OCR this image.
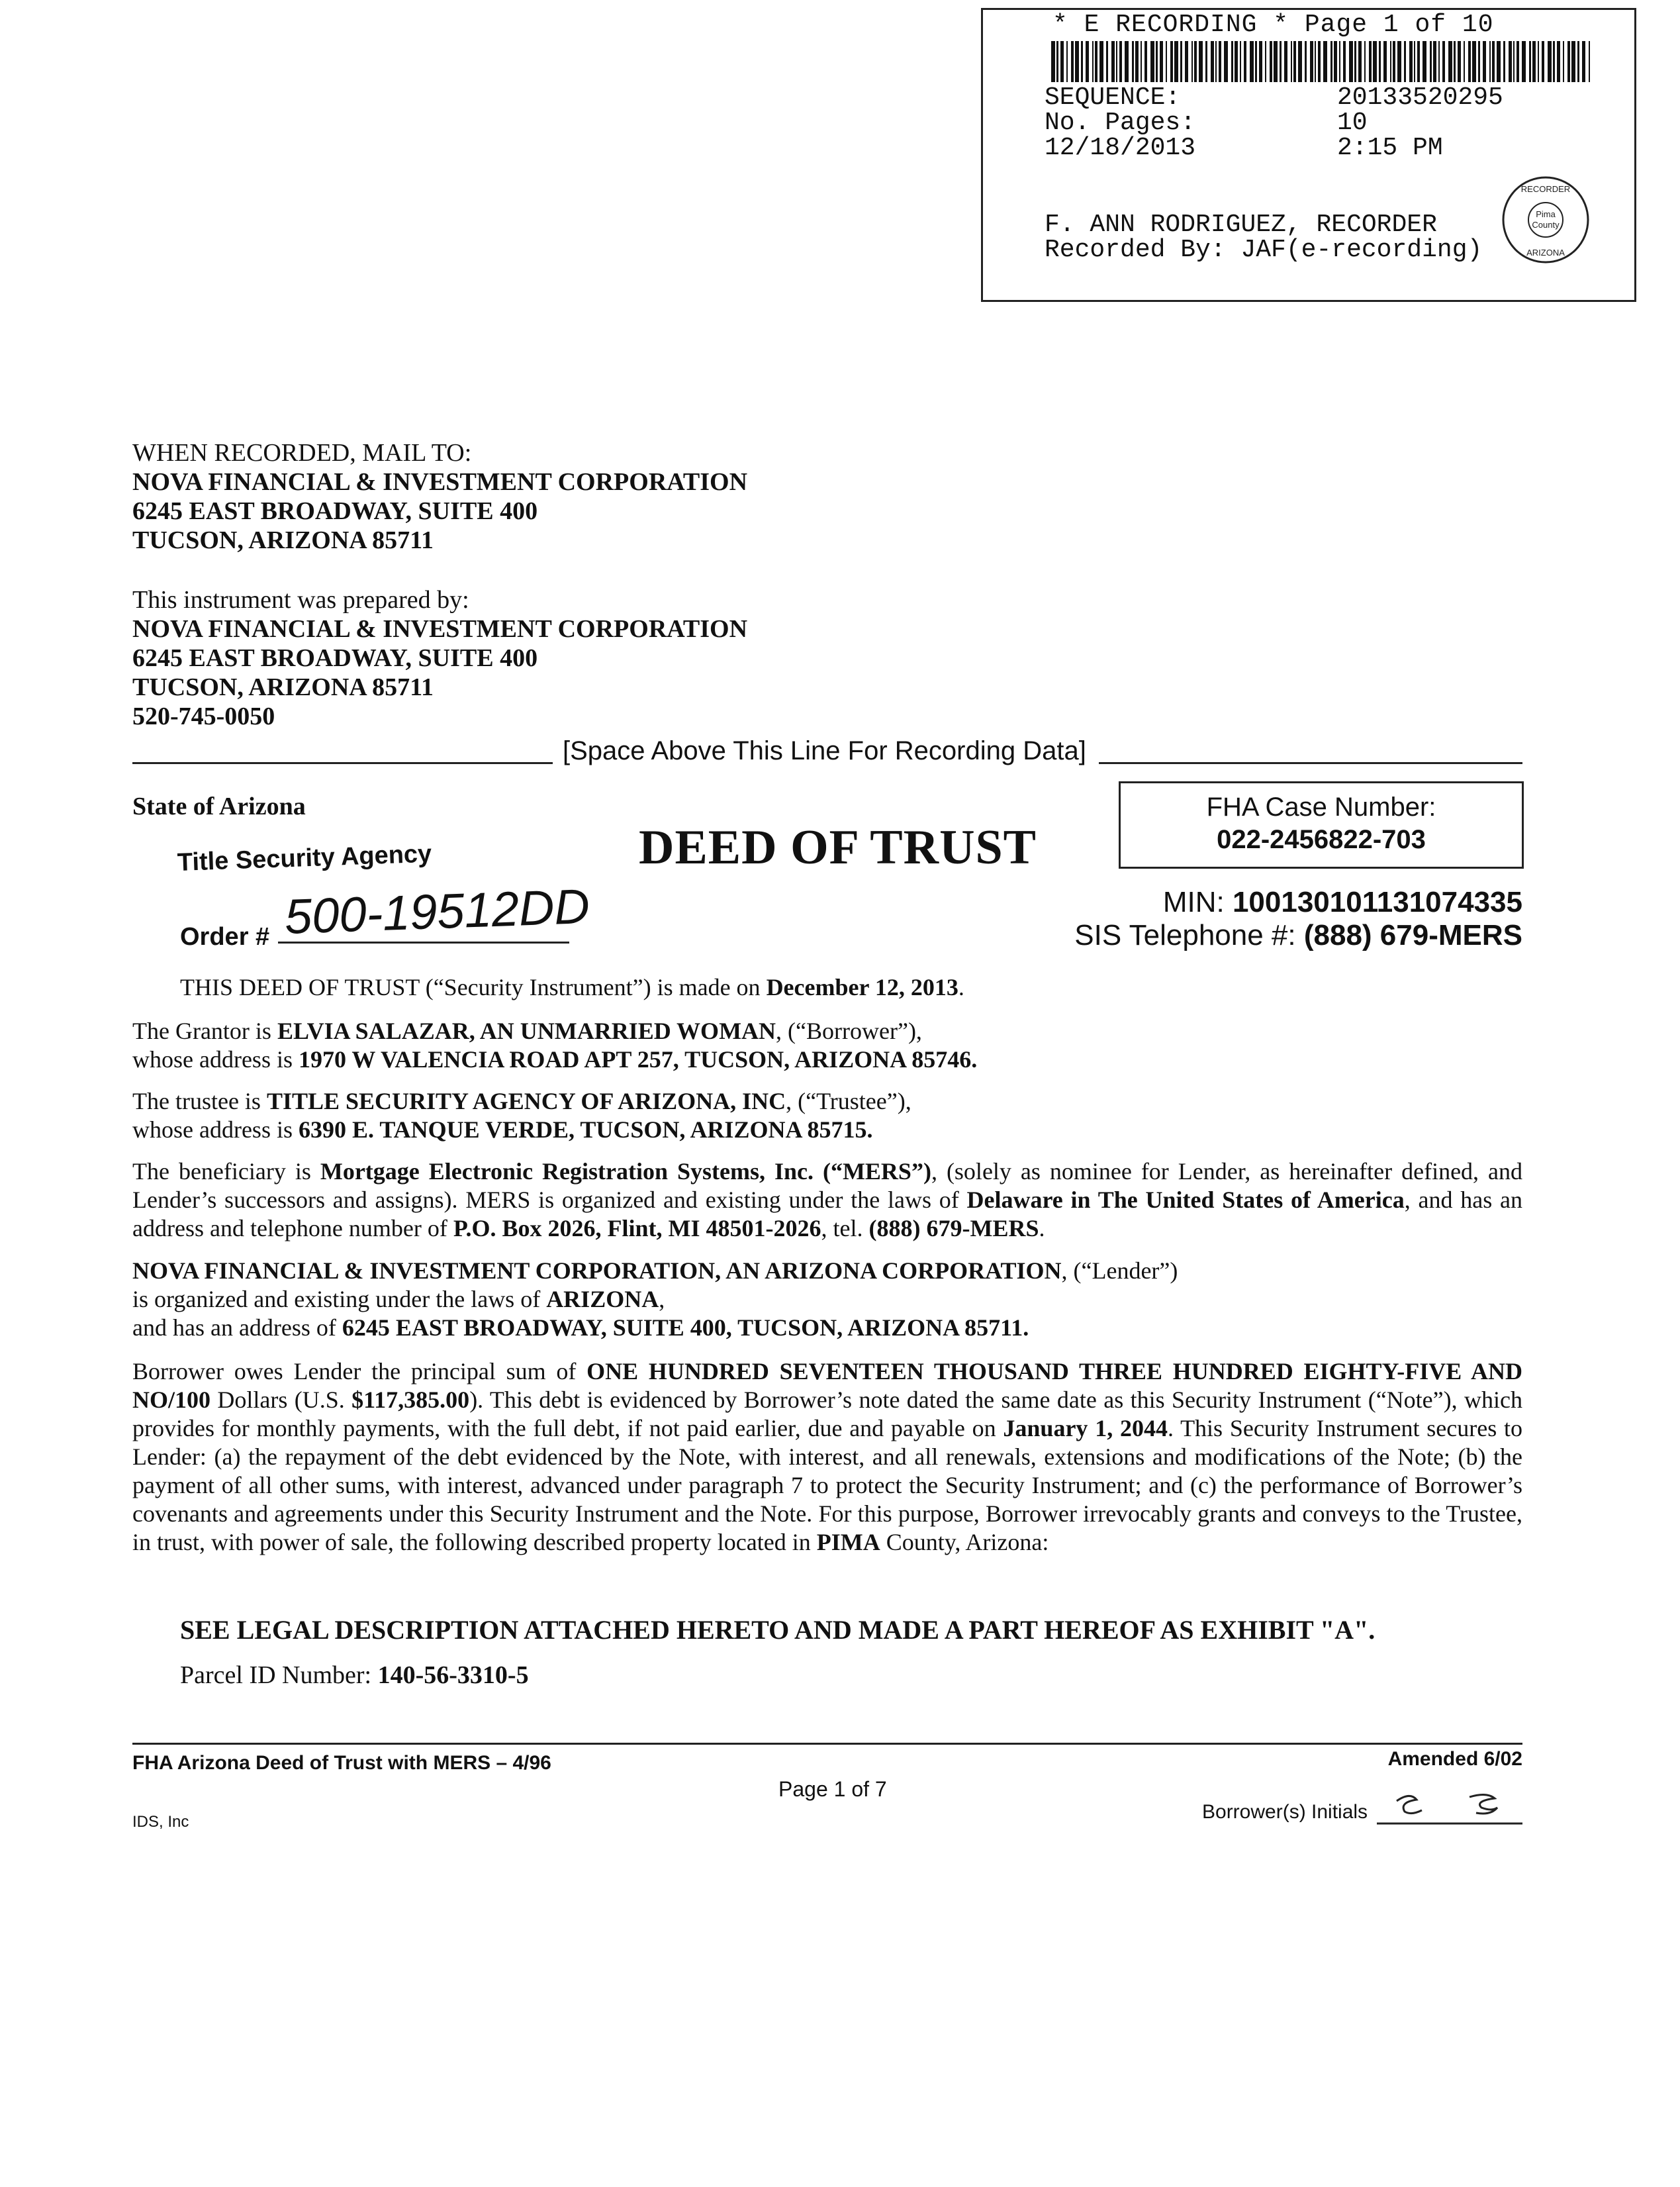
* E RECORDING * Page 1 of 10
SEQUENCE:	20133520295
No. Pages:	10
12/18/2013	2:15 PM
F. ANN RODRIGUEZ, RECORDER
Recorded By: JAF(e-recording)
Pima
County
RECORDER
ARIZONA
WHEN RECORDED, MAIL TO:
NOVA FINANCIAL & INVESTMENT CORPORATION
6245 EAST BROADWAY, SUITE 400
TUCSON, ARIZONA 85711
This instrument was prepared by:
NOVA FINANCIAL & INVESTMENT CORPORATION
6245 EAST BROADWAY, SUITE 400
TUCSON, ARIZONA 85711
520-745-0050
[Space Above This Line For Recording Data]
State of Arizona
DEED OF TRUST
Title Security Agency
Order # 500-19512DD
FHA Case Number:
022-2456822-703
MIN: 100130101131074335
SIS Telephone #: (888) 679-MERS

THIS DEED OF TRUST (“Security Instrument”) is made on December 12, 2013.

The Grantor is ELVIA SALAZAR, AN UNMARRIED WOMAN, (“Borrower”),

whose address is 1970 W VALENCIA ROAD APT 257, TUCSON, ARIZONA 85746.

The trustee is TITLE SECURITY AGENCY OF ARIZONA, INC, (“Trustee”),

whose address is 6390 E. TANQUE VERDE, TUCSON, ARIZONA 85715.

The beneficiary is Mortgage Electronic Registration Systems, Inc. (“MERS”), (solely as nominee for Lender, as hereinafter defined, and Lender’s successors and assigns). MERS is organized and existing under the laws of Delaware in The United States of America, and has an address and telephone number of P.O. Box 2026, Flint, MI 48501-2026, tel. (888) 679-MERS.

NOVA FINANCIAL & INVESTMENT CORPORATION, AN ARIZONA CORPORATION, (“Lender”)

is organized and existing under the laws of ARIZONA,

and has an address of 6245 EAST BROADWAY, SUITE 400, TUCSON, ARIZONA 85711.

Borrower owes Lender the principal sum of ONE HUNDRED SEVENTEEN THOUSAND THREE HUNDRED EIGHTY-FIVE AND NO/100 Dollars (U.S. $117,385.00). This debt is evidenced by Borrower’s note dated the same date as this Security Instrument (“Note”), which provides for monthly payments, with the full debt, if not paid earlier, due and payable on January 1, 2044. This Security Instrument secures to Lender: (a) the repayment of the debt evidenced by the Note, with interest, and all renewals, extensions and modifications of the Note; (b) the payment of all other sums, with interest, advanced under paragraph 7 to protect the Security Instrument; and (c) the performance of Borrower’s covenants and agreements under this Security Instrument and the Note. For this purpose, Borrower irrevocably grants and conveys to the Trustee, in trust, with power of sale, the following described property located in PIMA County, Arizona:

SEE LEGAL DESCRIPTION ATTACHED HERETO AND MADE A PART HEREOF AS EXHIBIT "A".
Parcel ID Number: 140-56-3310-5
FHA Arizona Deed of Trust with MERS – 4/96	Amended 6/02
Page 1 of 7
IDS, Inc	Borrower(s) Initials
